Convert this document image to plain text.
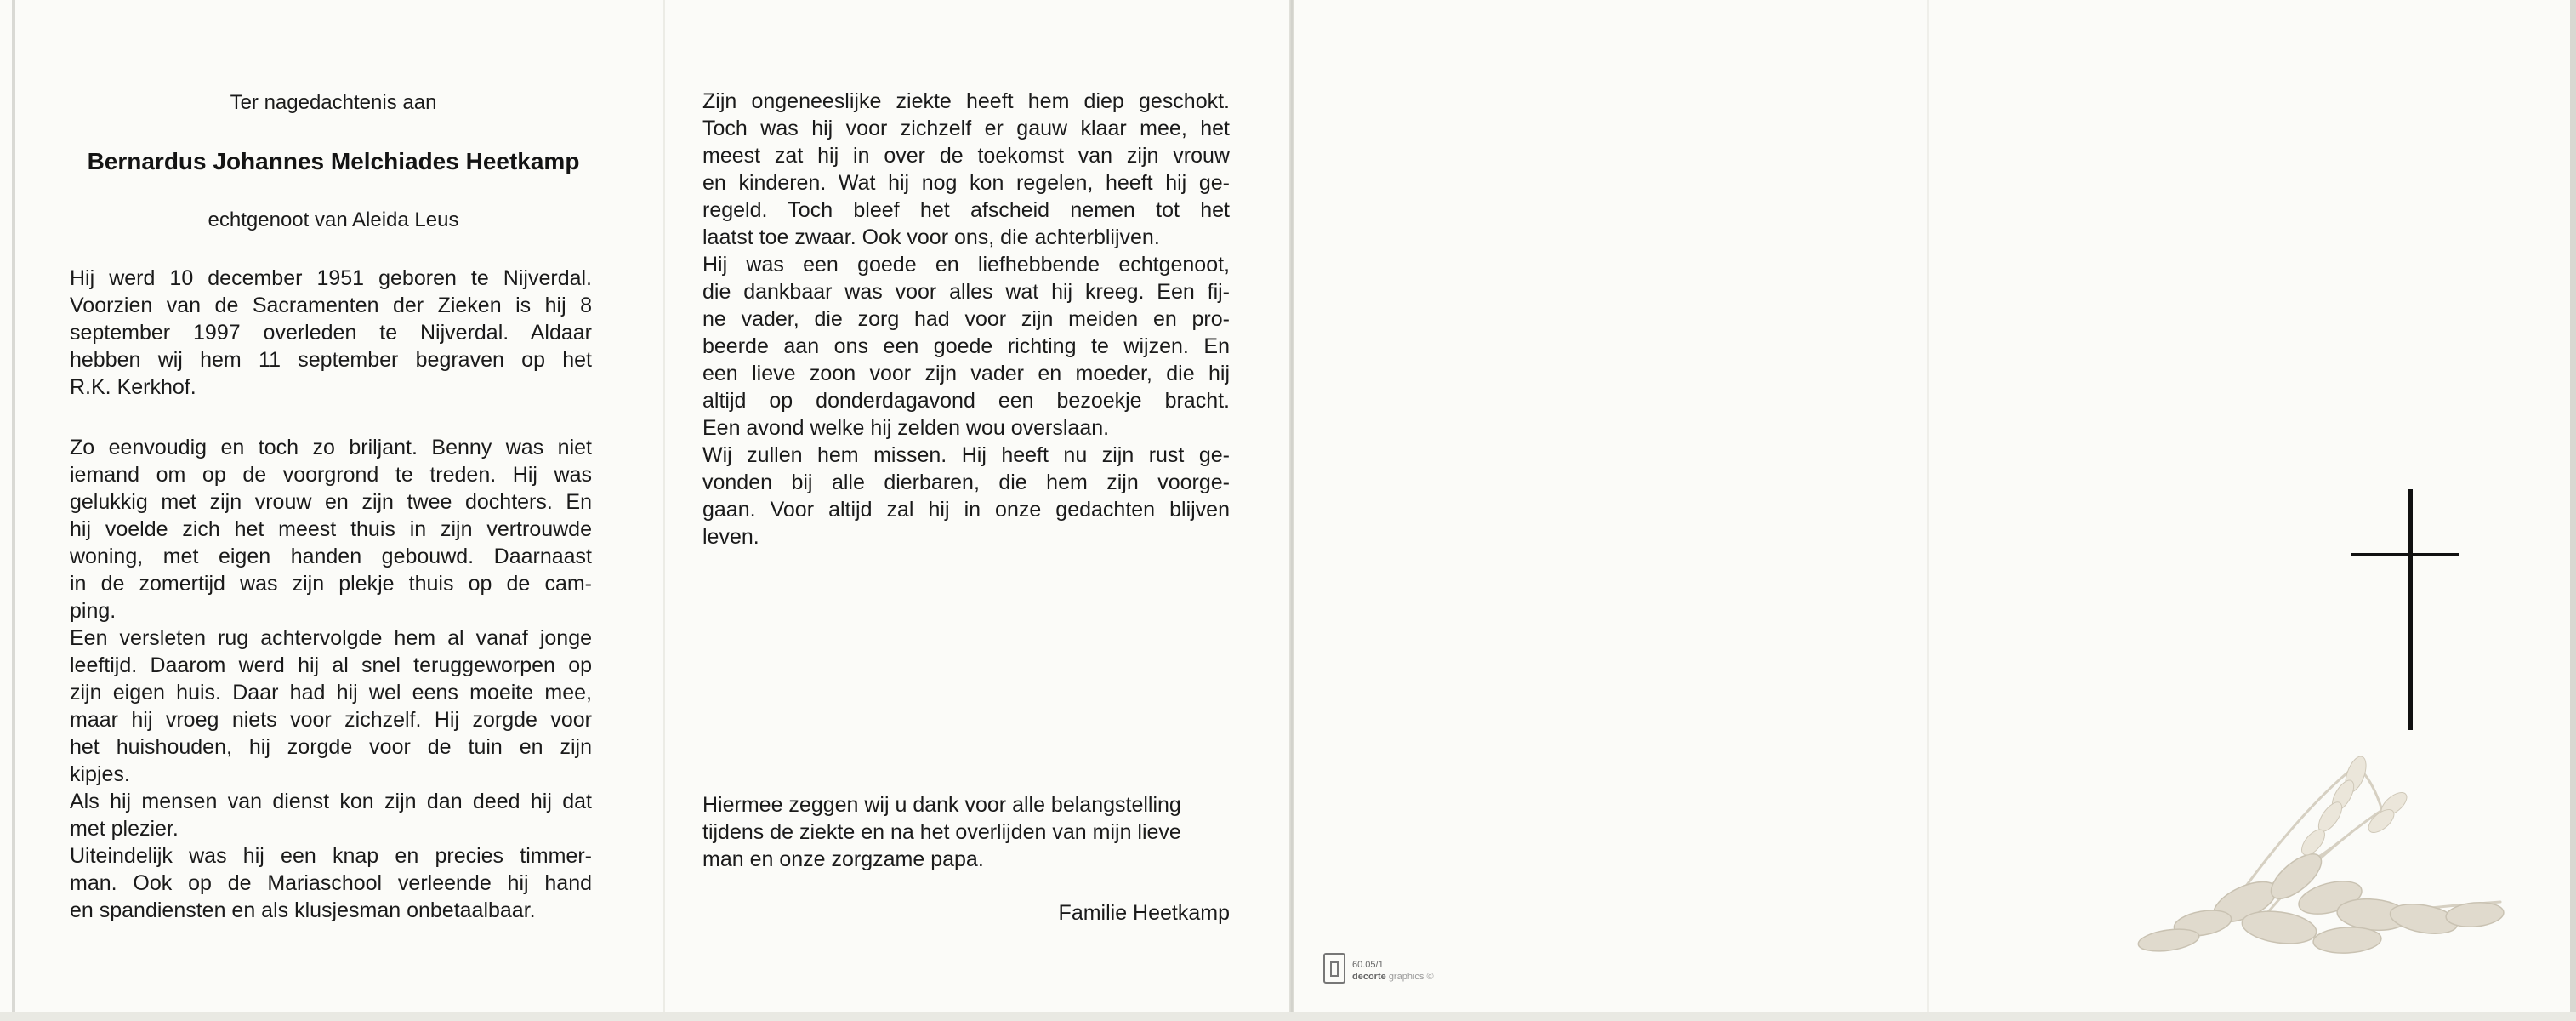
Ter nagedachtenis aan
Bernardus Johannes Melchiades Heetkamp
echtgenoot van Aleida Leus

Hij werd 10 december 1951 geboren te Nijverdal.
Voorzien van de Sacramenten der Zieken is hij 8
september 1997 overleden te Nijverdal. Aldaar
hebben wij hem 11 september begraven op het
R.K. Kerkhof.

Zo eenvoudig en toch zo briljant. Benny was niet
iemand om op de voorgrond te treden. Hij was
gelukkig met zijn vrouw en zijn twee dochters. En
hij voelde zich het meest thuis in zijn vertrouwde
woning, met eigen handen gebouwd. Daarnaast
in de zomertijd was zijn plekje thuis op de cam-
ping.
Een versleten rug achtervolgde hem al vanaf jonge
leeftijd. Daarom werd hij al snel teruggeworpen op
zijn eigen huis. Daar had hij wel eens moeite mee,
maar hij vroeg niets voor zichzelf. Hij zorgde voor
het huishouden, hij zorgde voor de tuin en zijn
kipjes.
Als hij mensen van dienst kon zijn dan deed hij dat
met plezier.
Uiteindelijk was hij een knap en precies timmer-
man. Ook op de Mariaschool verleende hij hand
en spandiensten en als klusjesman onbetaalbaar.

Zijn ongeneeslijke ziekte heeft hem diep geschokt.
Toch was hij voor zichzelf er gauw klaar mee, het
meest zat hij in over de toekomst van zijn vrouw
en kinderen. Wat hij nog kon regelen, heeft hij ge-
regeld. Toch bleef het afscheid nemen tot het
laatst toe zwaar. Ook voor ons, die achterblijven.
Hij was een goede en liefhebbende echtgenoot,
die dankbaar was voor alles wat hij kreeg. Een fij-
ne vader, die zorg had voor zijn meiden en pro-
beerde aan ons een goede richting te wijzen. En
een lieve zoon voor zijn vader en moeder, die hij
altijd op donderdagavond een bezoekje bracht.
Een avond welke hij zelden wou overslaan.
Wij zullen hem missen. Hij heeft nu zijn rust ge-
vonden bij alle dierbaren, die hem zijn voorge-
gaan. Voor altijd zal hij in onze gedachten blijven
leven.

Hiermee zeggen wij u dank voor alle belangstelling
tijdens de ziekte en na het overlijden van mijn lieve
man en onze zorgzame papa.

Familie Heetkamp
60.05/1
decorte graphics ©
